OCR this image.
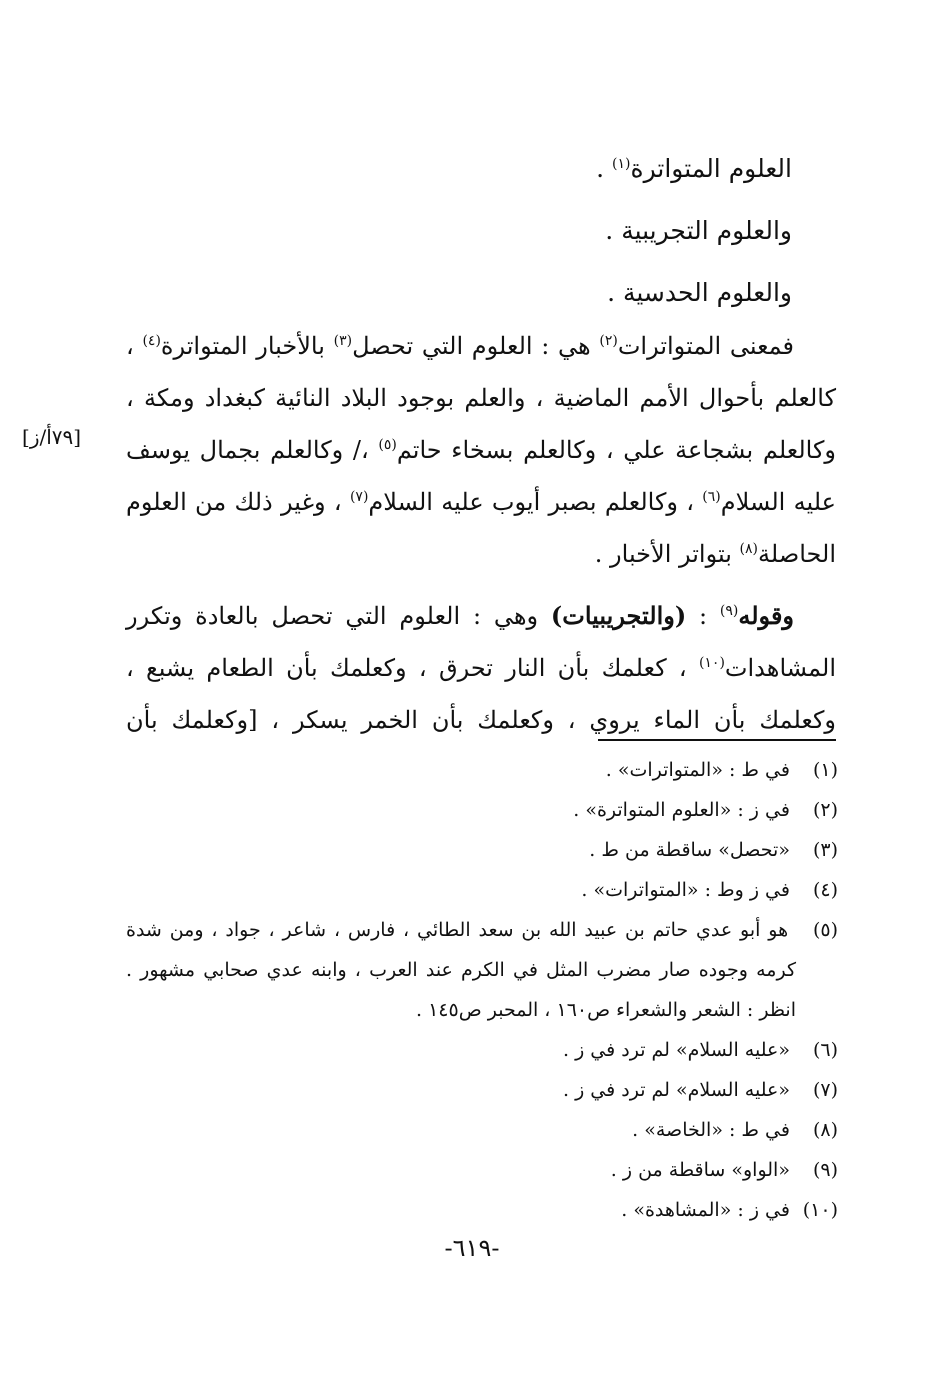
العلوم المتواترة$^{(١)}$ .
والعلوم التجريبية .
والعلوم الحدسية .
فمعنى المتواترات$^{(٢)}$ هي : العلوم التي تحصل$^{(٣)}$ بالأخبار المتواترة$^{(٤)}$ ،
كالعلم بأحوال الأمم الماضية ، والعلم بوجود البلاد النائية كبغداد ومكة ،
وكالعلم بشجاعة علي ، وكالعلم بسخاء حاتم$^{(٥)}$ ،/ وكالعلم بجمال يوسف
عليه السلام$^{(٦)}$ ، وكالعلم بصبر أيوب عليه السلام$^{(٧)}$ ، وغير ذلك من العلوم
الحاصلة$^{(٨)}$ بتواتر الأخبار .
وقوله$^{(٩)}$ : (والتجريبيات) وهي : العلوم التي تحصل بالعادة وتكرر
المشاهدات$^{(١٠)}$ ، كعلمك بأن النار تحرق ، وكعلمك بأن الطعام يشبع ،
وكعلمك بأن الماء يروي ، وكعلمك بأن الخمر يسكر ، [وكعلمك بأن
[٧٩أ/ز]
(١) في ط : «المتواترات» .
(٢) في ز : «العلوم المتواترة» .
(٣) «تحصل» ساقطة من ط .
(٤) في ز وط : «المتواترات» .
(٥) هو أبو عدي حاتم بن عبيد الله بن سعد الطائي ، فارس ، شاعر ، جواد ، ومن شدة
كرمه وجوده صار مضرب المثل في الكرم عند العرب ، وابنه عدي صحابي مشهور .
انظر : الشعر والشعراء ص١٦٠ ، المحبر ص١٤٥ .
(٦) «عليه السلام» لم ترد في ز .
(٧) «عليه السلام» لم ترد في ز .
(٨) في ط : «الخاصة» .
(٩) «الواو» ساقطة من ز .
(١٠) في ز : «المشاهدة» .
-٦١٩-
